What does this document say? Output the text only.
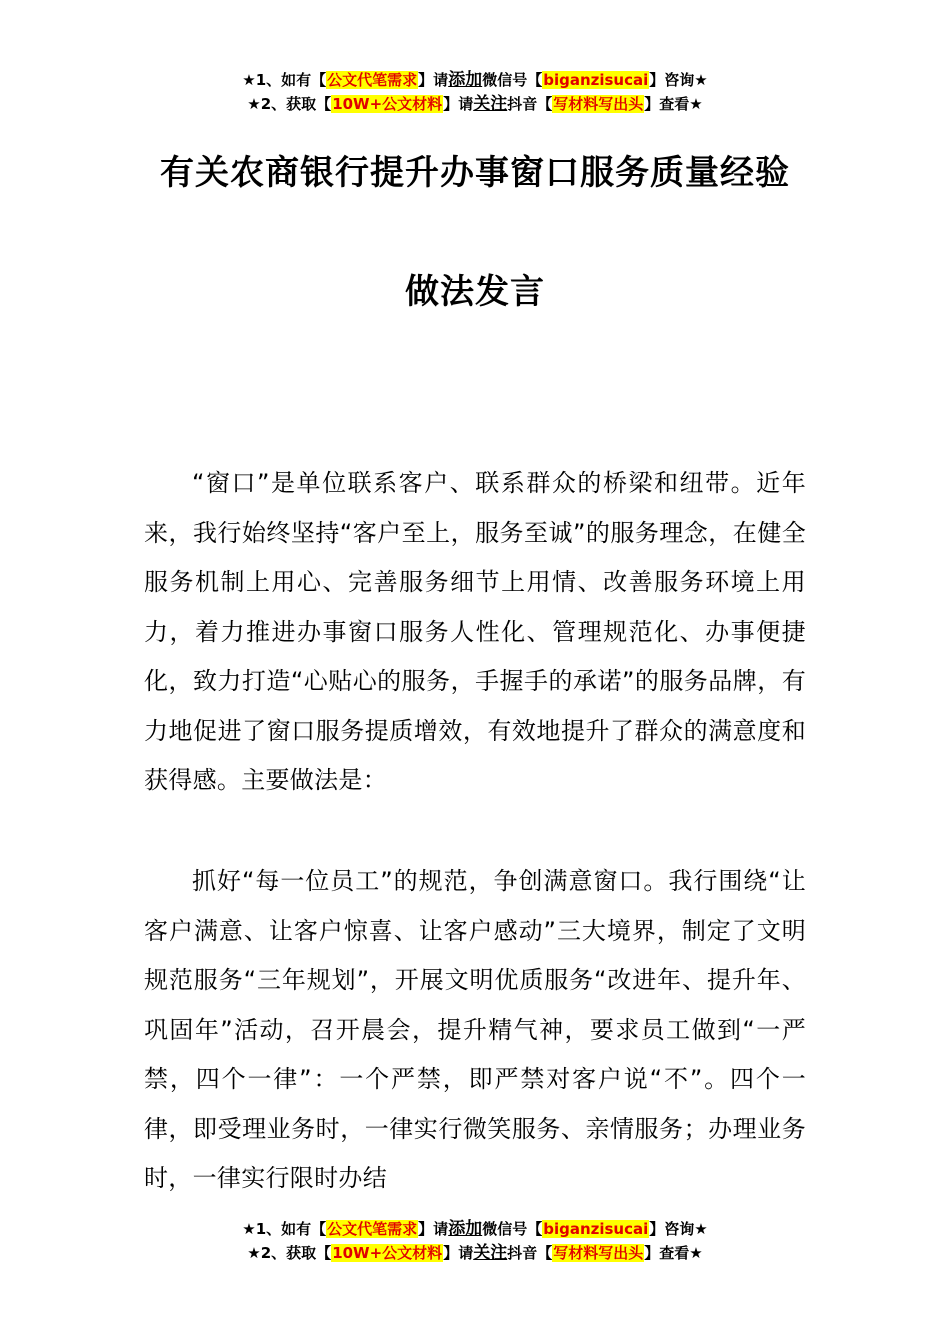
★1、如有【公文代笔需求】请添加微信号【biganzisucai】咨询★
★2、获取【10W+公文材料】请关注抖音【写材料写出头】查看★
有关农商银行提升办事窗口服务质量经验
做法发言

“窗口”是单位联系客户、联系群众的桥梁和纽带。近年来，我行始终坚持“客户至上，服务至诚”的服务理念，在健全服务机制上用心、完善服务细节上用情、改善服务环境上用力，着力推进办事窗口服务人性化、管理规范化、办事便捷化，致力打造“心贴心的服务，手握手的承诺”的服务品牌，有力地促进了窗口服务提质增效，有效地提升了群众的满意度和获得感。主要做法是：

抓好“每一位员工”的规范，争创满意窗口。我行围绕“让客户满意、让客户惊喜、让客户感动”三大境界，制定了文明规范服务“三年规划”，开展文明优质服务“改进年、提升年、巩固年”活动，召开晨会，提升精气神，要求员工做到“一严禁，四个一律”：一个严禁，即严禁对客户说“不”。四个一律，即受理业务时，一律实行微笑服务、亲情服务；办理业务时，一律实行限时办结

★1、如有【公文代笔需求】请添加微信号【biganzisucai】咨询★
★2、获取【10W+公文材料】请关注抖音【写材料写出头】查看★
